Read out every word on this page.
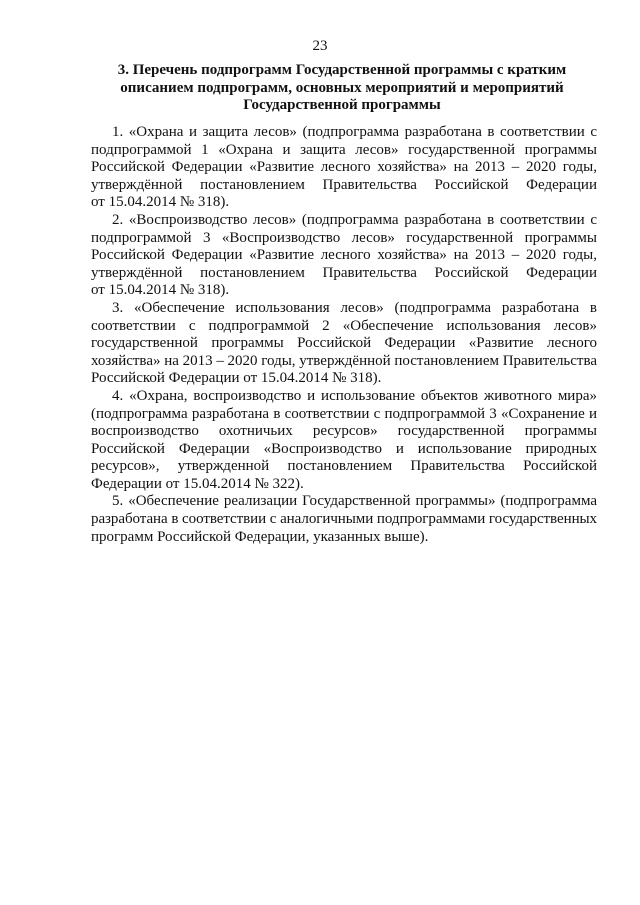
23
3. Перечень подпрограмм Государственной программы с кратким
описанием подпрограмм, основных мероприятий и мероприятий
Государственной программы
1. «Охрана и защита лесов» (подпрограмма разработана в соответствии с
подпрограммой 1 «Охрана и защита лесов» государственной программы
Российской Федерации «Развитие лесного хозяйства» на 2013 – 2020 годы,
утверждённой постановлением Правительства Российской Федерации
от 15.04.2014 № 318).
2. «Воспроизводство лесов» (подпрограмма разработана в соответствии с
подпрограммой 3 «Воспроизводство лесов» государственной программы
Российской Федерации «Развитие лесного хозяйства» на 2013 – 2020 годы,
утверждённой постановлением Правительства Российской Федерации
от 15.04.2014 № 318).
3. «Обеспечение использования лесов» (подпрограмма разработана в
соответствии с подпрограммой 2 «Обеспечение использования лесов»
государственной программы Российской Федерации «Развитие лесного
хозяйства» на 2013 – 2020 годы, утверждённой постановлением Правительства
Российской Федерации от 15.04.2014 № 318).
4. «Охрана, воспроизводство и использование объектов животного мира»
(подпрограмма разработана в соответствии с подпрограммой 3 «Сохранение и
воспроизводство охотничьих ресурсов» государственной программы
Российской Федерации «Воспроизводство и использование природных
ресурсов», утвержденной постановлением Правительства Российской
Федерации от 15.04.2014 № 322).
5. «Обеспечение реализации Государственной программы» (подпрограмма
разработана в соответствии с аналогичными подпрограммами государственных
программ Российской Федерации, указанных выше).
